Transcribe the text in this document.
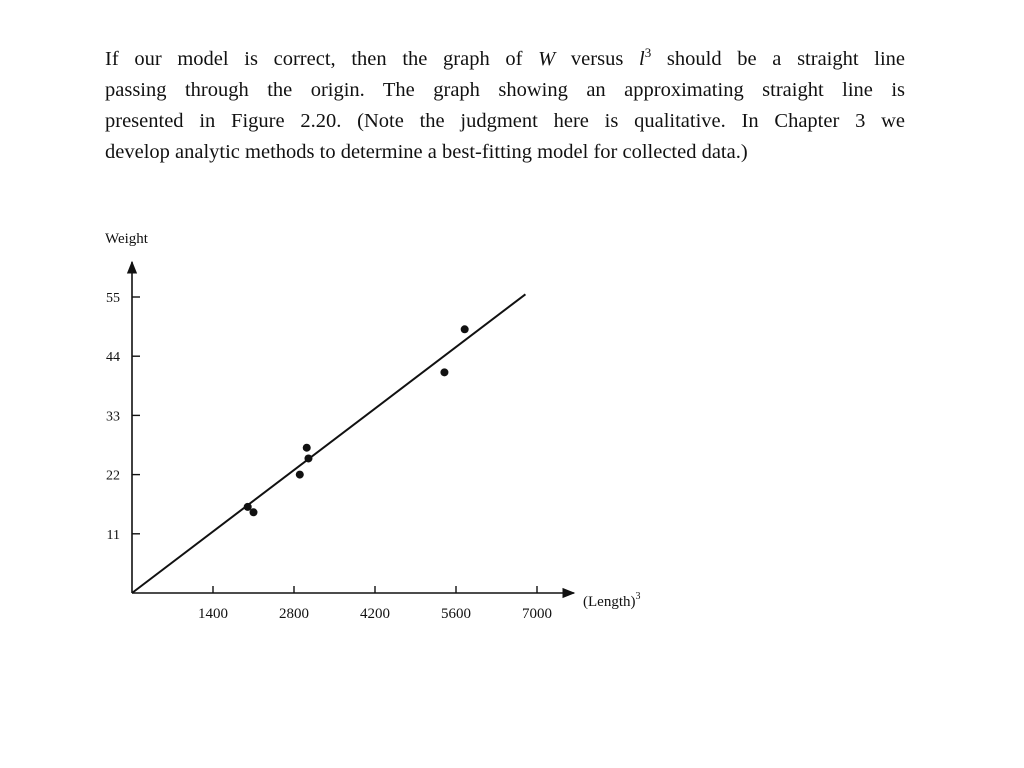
If our model is correct, then the graph of W versus $l^3$ should be a straight line
passing through the origin. The graph showing an approximating straight line is
presented in Figure 2.20. (Note the judgment here is qualitative. In Chapter 3 we
develop analytic methods to determine a best-fitting model for collected data.)
Weight
(Length)$^3$
1400	2800	4200	5600	7000
11
22
33
44
55
